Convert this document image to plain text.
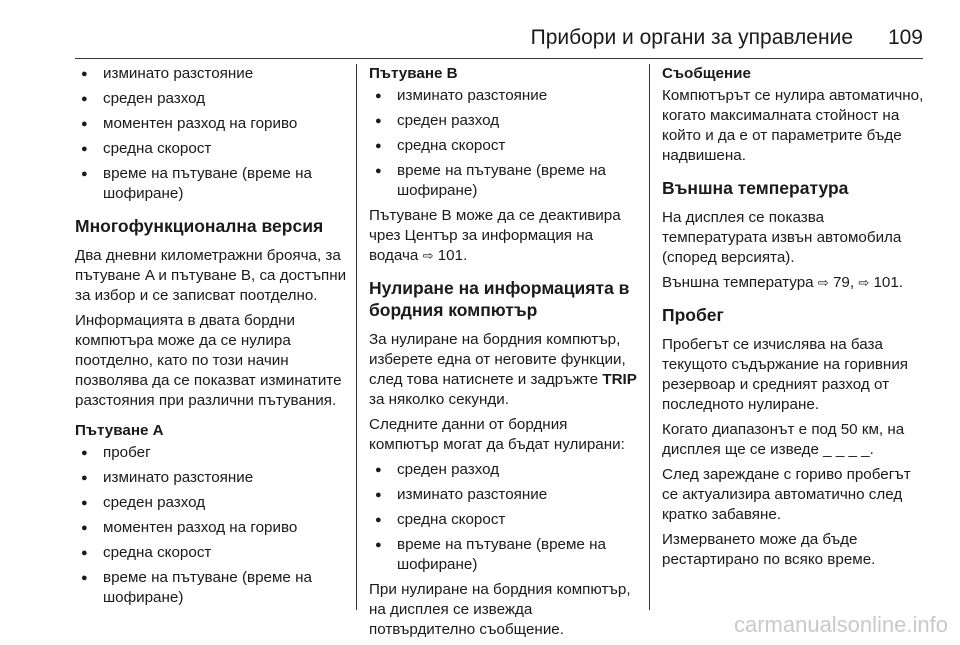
Прибори и органи за управление 109
● изминато разстояние
● среден разход
● моментен разход на гориво
● средна скорост
● време на пътуване (време на шофиране)
Многофункционална версия

Два дневни километражни брояча, за пътуване A и пътуване B, са достъпни за избор и се записват поотделно.

Информацията в двата бордни компютъра може да се нулира поотделно, като по този начин позволява да се показват изминатите разстояния при различни пътувания.

Пътуване А
● пробег
● изминато разстояние
● среден разход
● моментен разход на гориво
● средна скорост
● време на пътуване (време на шофиране)
Пътуване B
● изминато разстояние
● среден разход
● средна скорост
● време на пътуване (време на шофиране)

Пътуване B може да се деактивира чрез Център за информация на водача ⇨ 101.

Нулиране на информацията в бордния компютър

За нулиране на бордния компютър, изберете една от неговите функции, след това натиснете и задръжте TRIP за няколко секунди.

Следните данни от бордния компютър могат да бъдат нулирани:

● среден разход
● изминато разстояние
● средна скорост
● време на пътуване (време на шофиране)

При нулиране на бордния компютър, на дисплея се извежда потвърдително съобщение.

Съобщение

Компютърът се нулира автоматично, когато максималната стойност на който и да е от параметрите бъде надвишена.

Външна температура

На дисплея се показва температурата извън автомобила (според версията).

Външна температура ⇨ 79, ⇨ 101.

Пробег

Пробегът се изчислява на база текущото съдържание на горивния резервоар и средният разход от последното нулиране.

Когато диапазонът е под 50 км, на дисплея ще се изведе _ _ _ _.

След зареждане с гориво пробегът се актуализира автоматично след кратко забавяне.

Измерването може да бъде рестартирано по всяко време.

carmanualsonline.info
